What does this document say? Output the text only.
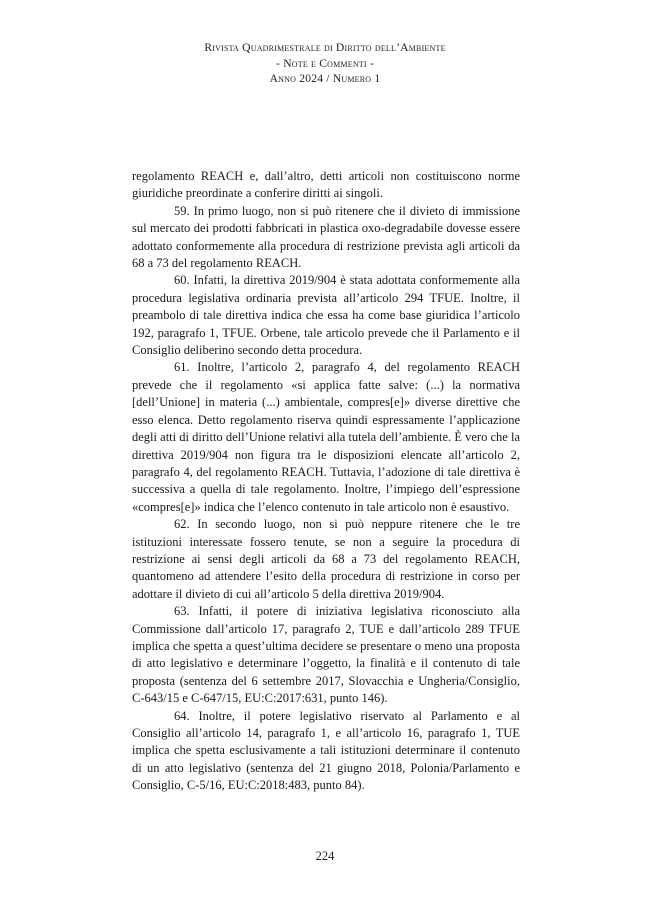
Rivista Quadrimestrale di Diritto dell’Ambiente
- Note e Commenti -
Anno 2024 / Numero 1

regolamento REACH e, dall’altro, detti articoli non costituiscono norme giuridiche preordinate a conferire diritti ai singoli.

59. In primo luogo, non si può ritenere che il divieto di immissione sul mercato dei prodotti fabbricati in plastica oxo-degradabile dovesse essere adottato conformemente alla procedura di restrizione prevista agli articoli da 68 a 73 del regolamento REACH.

60. Infatti, la direttiva 2019/904 è stata adottata conformemente alla procedura legislativa ordinaria prevista all’articolo 294 TFUE. Inoltre, il preambolo di tale direttiva indica che essa ha come base giuridica l’articolo 192, paragrafo 1, TFUE. Orbene, tale articolo prevede che il Parlamento e il Consiglio deliberino secondo detta procedura.

61. Inoltre, l’articolo 2, paragrafo 4, del regolamento REACH prevede che il regolamento «si applica fatte salve: (...) la normativa [dell’Unione] in materia (...) ambientale, compres[e]» diverse direttive che esso elenca. Detto regolamento riserva quindi espressamente l’applicazione degli atti di diritto dell’Unione relativi alla tutela dell’ambiente. È vero che la direttiva 2019/904 non figura tra le disposizioni elencate all’articolo 2, paragrafo 4, del regolamento REACH. Tuttavia, l’adozione di tale direttiva è successiva a quella di tale regolamento. Inoltre, l’impiego dell’espressione «compres[e]» indica che l’elenco contenuto in tale articolo non è esaustivo.

62. In secondo luogo, non si può neppure ritenere che le tre istituzioni interessate fossero tenute, se non a seguire la procedura di restrizione ai sensi degli articoli da 68 a 73 del regolamento REACH, quantomeno ad attendere l’esito della procedura di restrizione in corso per adottare il divieto di cui all’articolo 5 della direttiva 2019/904.

63. Infatti, il potere di iniziativa legislativa riconosciuto alla Commissione dall’articolo 17, paragrafo 2, TUE e dall’articolo 289 TFUE implica che spetta a quest’ultima decidere se presentare o meno una proposta di atto legislativo e determinare l’oggetto, la finalità e il contenuto di tale proposta (sentenza del 6 settembre 2017, Slovacchia e Ungheria/Consiglio, C-643/15 e C-647/15, EU:C:2017:631, punto 146).

64. Inoltre, il potere legislativo riservato al Parlamento e al Consiglio all’articolo 14, paragrafo 1, e all’articolo 16, paragrafo 1, TUE implica che spetta esclusivamente a tali istituzioni determinare il contenuto di un atto legislativo (sentenza del 21 giugno 2018, Polonia/Parlamento e Consiglio, C-5/16, EU:C:2018:483, punto 84).

224
